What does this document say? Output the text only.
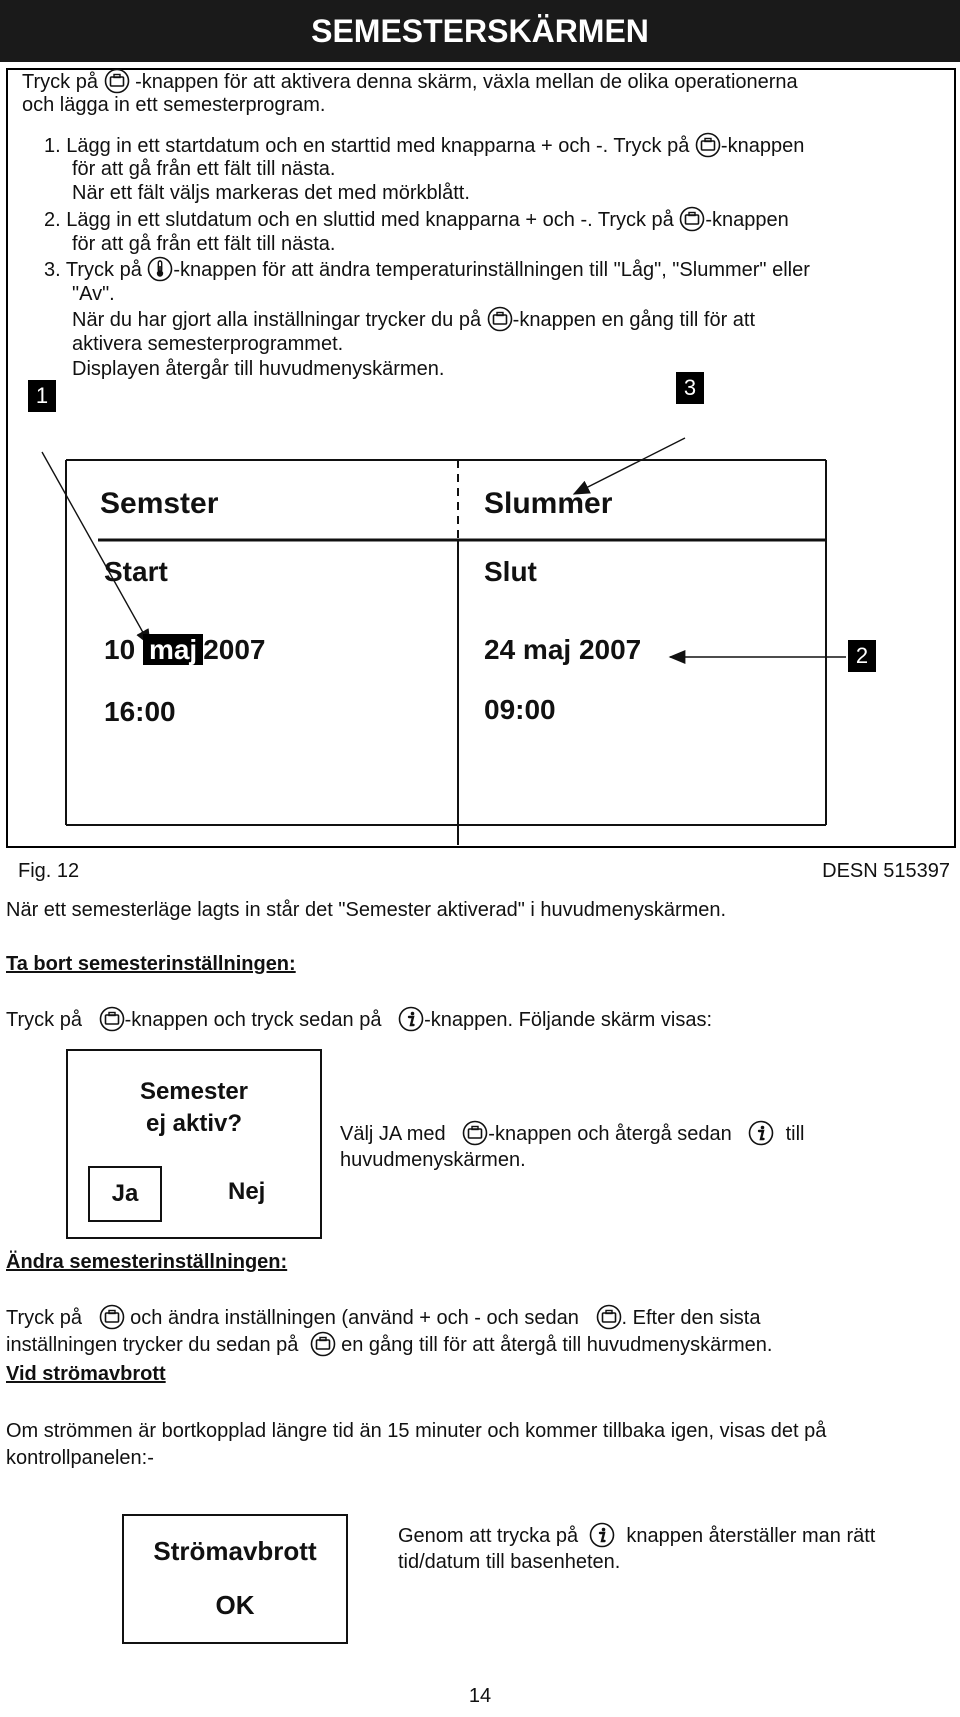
SEMESTERSKÄRMEN
Tryck på -knappen för att aktivera denna skärm, växla mellan de olika operationerna
och lägga in ett semesterprogram.
1. Lägg in ett startdatum och en starttid med knapparna + och -. Tryck på -knappen
för att gå från ett fält till nästa.
När ett fält väljs markeras det med mörkblått.
2. Lägg in ett slutdatum och en sluttid med knapparna + och -. Tryck på -knappen
för att gå från ett fält till nästa.
3. Tryck på -knappen för att ändra temperaturinställningen till "Låg", "Slummer" eller
"Av".
När du har gjort alla inställningar trycker du på -knappen en gång till för att
aktivera semesterprogrammet.
Displayen återgår till huvudmenyskärmen.
1	3
2
Semster	Slummer
Start	Slut
10 maj 2007	24 maj 2007
16:00	09:00
Fig. 12	DESN 515397
När ett semesterläge lagts in står det "Semester aktiverad" i huvudmenyskärmen.
Ta bort semesterinställningen:
Tryck på -knappen och tryck sedan på -knappen. Följande skärm visas:
Semester
ej aktiv?
Ja	Nej
Välj JA med -knappen och återgå sedan	till
huvudmenyskärmen.
Ändra semesterinställningen:
Tryck på och ändra inställningen (använd + och - och sedan . Efter den sista
inställningen trycker du sedan på en gång till för att återgå till huvudmenyskärmen.
Vid strömavbrott
Om strömmen är bortkopplad längre tid än 15 minuter och kommer tillbaka igen, visas det på
kontrollpanelen:-
Strömavbrott
OK
Genom att trycka på knappen återställer man rätt
tid/datum till basenheten.
14
